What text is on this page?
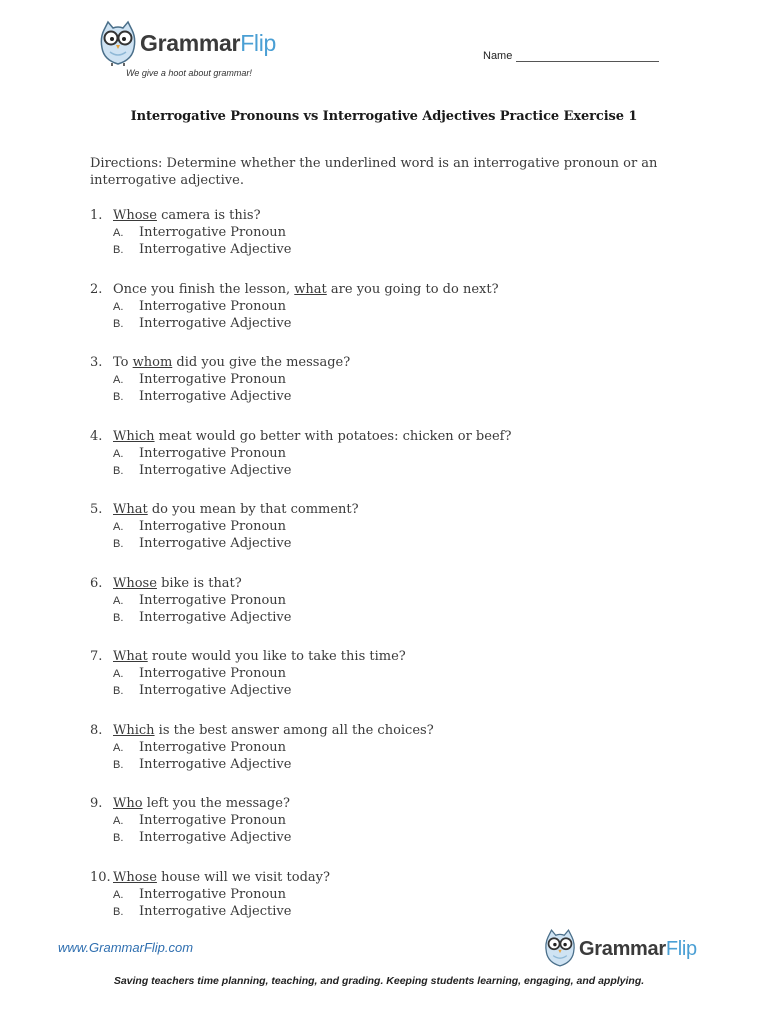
GrammarFlip
We give a hoot about grammar!
Name
Interrogative Pronouns vs Interrogative Adjectives Practice Exercise 1
Directions: Determine whether the underlined word is an interrogative pronoun or an interrogative adjective.
1. Whose camera is this?
A. Interrogative Pronoun
B. Interrogative Adjective
2. Once you finish the lesson, what are you going to do next?
A. Interrogative Pronoun
B. Interrogative Adjective
3. To whom did you give the message?
A. Interrogative Pronoun
B. Interrogative Adjective
4. Which meat would go better with potatoes: chicken or beef?
A. Interrogative Pronoun
B. Interrogative Adjective
5. What do you mean by that comment?
A. Interrogative Pronoun
B. Interrogative Adjective
6. Whose bike is that?
A. Interrogative Pronoun
B. Interrogative Adjective
7. What route would you like to take this time?
A. Interrogative Pronoun
B. Interrogative Adjective
8. Which is the best answer among all the choices?
A. Interrogative Pronoun
B. Interrogative Adjective
9. Who left you the message?
A. Interrogative Pronoun
B. Interrogative Adjective
10. Whose house will we visit today?
A. Interrogative Pronoun
B. Interrogative Adjective
www.GrammarFlip.com	GrammarFlip
Saving teachers time planning, teaching, and grading. Keeping students learning, engaging, and applying.
